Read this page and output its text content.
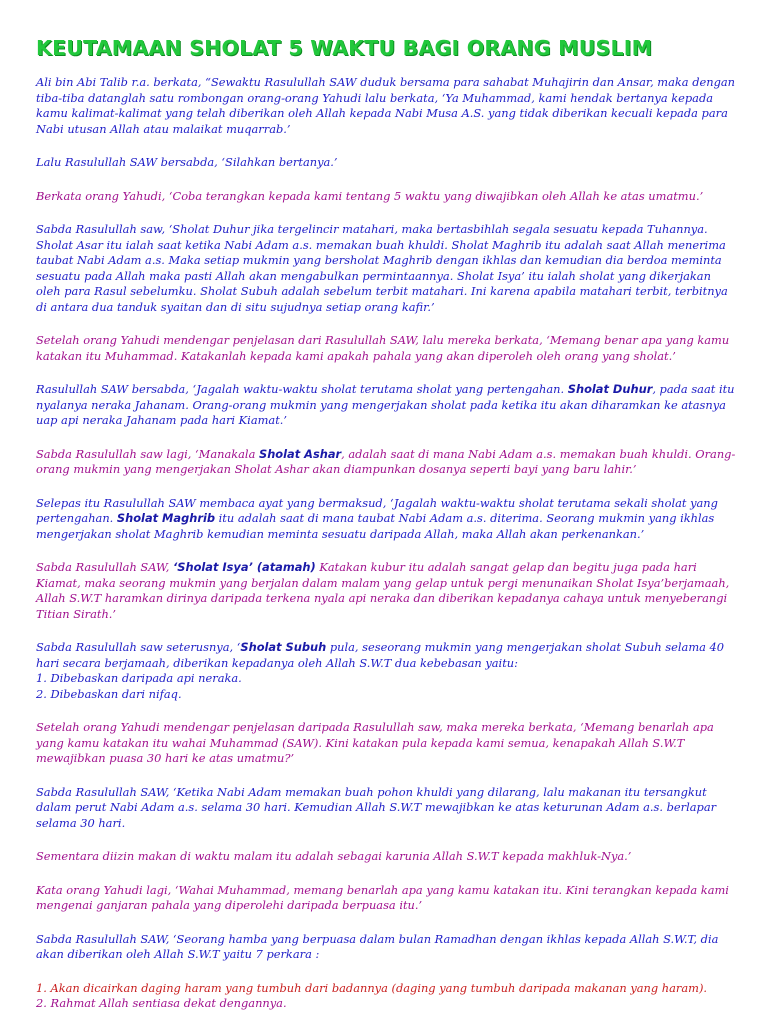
KEUTAMAAN SHOLAT 5 WAKTU BAGI ORANG MUSLIM

Ali bin Abi Talib r.a. berkata, “Sewaktu Rasulullah SAW duduk bersama para sahabat Muhajirin dan Ansar, maka dengan tiba-tiba datanglah satu rombongan orang-orang Yahudi lalu berkata, ‘Ya Muhammad, kami hendak bertanya kepada kamu kalimat-kalimat yang telah diberikan oleh Allah kepada Nabi Musa A.S. yang tidak diberikan kecuali kepada para Nabi utusan Allah atau malaikat muqarrab.’

Lalu Rasulullah SAW bersabda, ‘Silahkan bertanya.’

Berkata orang Yahudi, ‘Coba terangkan kepada kami tentang 5 waktu yang diwajibkan oleh Allah ke atas umatmu.’

Sabda Rasulullah saw, ‘Sholat Duhur jika tergelincir matahari, maka bertasbihlah segala sesuatu kepada Tuhannya. Sholat Asar itu ialah saat ketika Nabi Adam a.s. memakan buah khuldi. Sholat Maghrib itu adalah saat Allah menerima taubat Nabi Adam a.s. Maka setiap mukmin yang bersholat Maghrib dengan ikhlas dan kemudian dia berdoa meminta sesuatu pada Allah maka pasti Allah akan mengabulkan permintaannya. Sholat Isya’ itu ialah sholat yang dikerjakan oleh para Rasul sebelumku. Sholat Subuh adalah sebelum terbit matahari. Ini karena apabila matahari terbit, terbitnya di antara dua tanduk syaitan dan di situ sujudnya setiap orang kafir.’

Setelah orang Yahudi mendengar penjelasan dari Rasulullah SAW, lalu mereka berkata, ‘Memang benar apa yang kamu katakan itu Muhammad. Katakanlah kepada kami apakah pahala yang akan diperoleh oleh orang yang sholat.’

Rasulullah SAW bersabda, ‘Jagalah waktu-waktu sholat terutama sholat yang pertengahan. Sholat Duhur, pada saat itu nyalanya neraka Jahanam. Orang-orang mukmin yang mengerjakan sholat pada ketika itu akan diharamkan ke atasnya uap api neraka Jahanam pada hari Kiamat.’

Sabda Rasulullah saw lagi, ‘Manakala Sholat Ashar, adalah saat di mana Nabi Adam a.s. memakan buah khuldi. Orang-orang mukmin yang mengerjakan Sholat Ashar akan diampunkan dosanya seperti bayi yang baru lahir.’

Selepas itu Rasulullah SAW membaca ayat yang bermaksud, ‘Jagalah waktu-waktu sholat terutama sekali sholat yang pertengahan. Sholat Maghrib itu adalah saat di mana taubat Nabi Adam a.s. diterima. Seorang mukmin yang ikhlas mengerjakan sholat Maghrib kemudian meminta sesuatu daripada Allah, maka Allah akan perkenankan.’

Sabda Rasulullah SAW, ‘Sholat Isya’ (atamah) Katakan kubur itu adalah sangat gelap dan begitu juga pada hari Kiamat, maka seorang mukmin yang berjalan dalam malam yang gelap untuk pergi menunaikan Sholat Isya’berjamaah, Allah S.W.T haramkan dirinya daripada terkena nyala api neraka dan diberikan kepadanya cahaya untuk menyeberangi Titian Sirath.’

Sabda Rasulullah saw seterusnya, ‘Sholat Subuh pula, seseorang mukmin yang mengerjakan sholat Subuh selama 40 hari secara berjamaah, diberikan kepadanya oleh Allah S.W.T dua kebebasan yaitu:
1. Dibebaskan daripada api neraka.
2. Dibebaskan dari nifaq.

Setelah orang Yahudi mendengar penjelasan daripada Rasulullah saw, maka mereka berkata, ‘Memang benarlah apa yang kamu katakan itu wahai Muhammad (SAW). Kini katakan pula kepada kami semua, kenapakah Allah S.W.T mewajibkan puasa 30 hari ke atas umatmu?’

Sabda Rasulullah SAW, ‘Ketika Nabi Adam memakan buah pohon khuldi yang dilarang, lalu makanan itu tersangkut dalam perut Nabi Adam a.s. selama 30 hari. Kemudian Allah S.W.T mewajibkan ke atas keturunan Adam a.s. berlapar selama 30 hari.

Sementara diizin makan di waktu malam itu adalah sebagai karunia Allah S.W.T kepada makhluk-Nya.’

Kata orang Yahudi lagi, ‘Wahai Muhammad, memang benarlah apa yang kamu katakan itu. Kini terangkan kepada kami mengenai ganjaran pahala yang diperolehi daripada berpuasa itu.’

Sabda Rasulullah SAW, ‘Seorang hamba yang berpuasa dalam bulan Ramadhan dengan ikhlas kepada Allah S.W.T, dia akan diberikan oleh Allah S.W.T yaitu 7 perkara :

1. Akan dicairkan daging haram yang tumbuh dari badannya (daging yang tumbuh daripada makanan yang haram).
2. Rahmat Allah sentiasa dekat dengannya.
